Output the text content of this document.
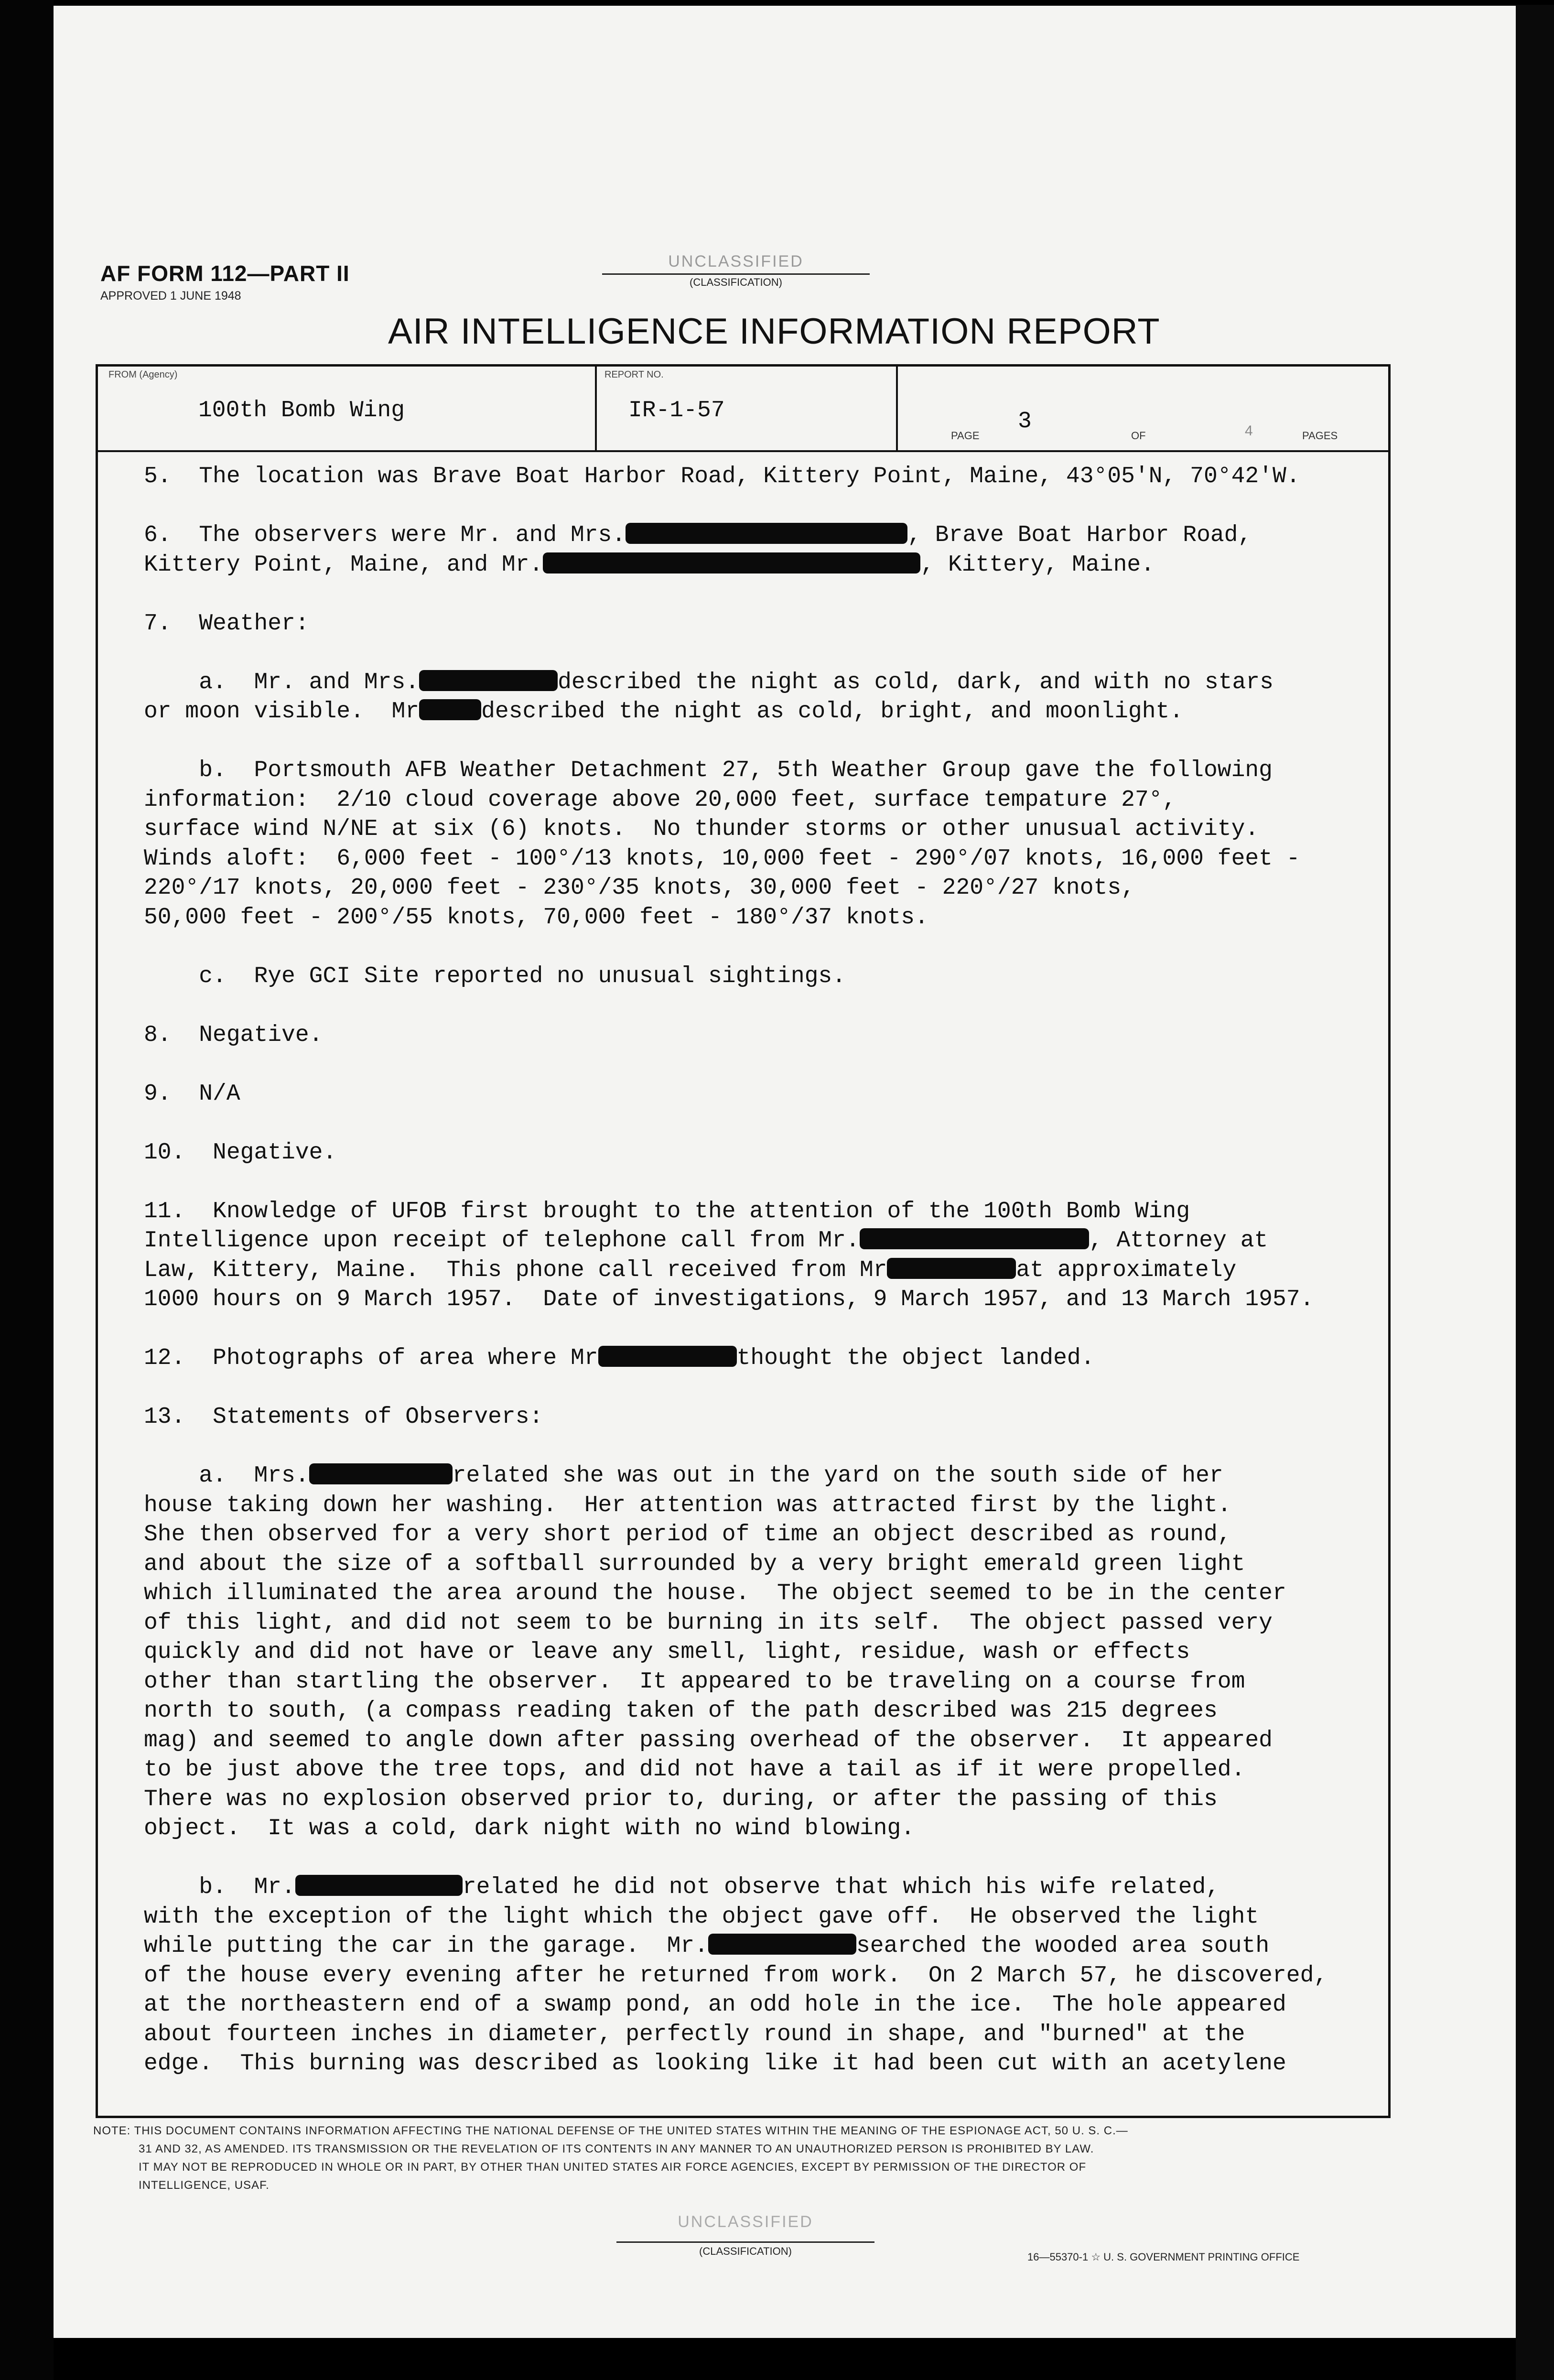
AF FORM 112—PART II
APPROVED 1 JUNE 1948
UNCLASSIFIED
(CLASSIFICATION)
AIR INTELLIGENCE INFORMATION REPORT
FROM (Agency)
100th Bomb Wing
REPORT NO.
IR-1-57
PAGE
3
OF	4	PAGES

5.  The location was Brave Boat Harbor Road, Kittery Point, Maine, 43°05'N, 70°42'W.

6.  The observers were Mr. and Mrs.	, Brave Boat Harbor Road,

Kittery Point, Maine, and Mr.	, Kittery, Maine.

7.  Weather:

a.  Mr. and Mrs.	described the night as cold, dark, and with no stars

or moon visible.  Mr	described the night as cold, bright, and moonlight.

b.  Portsmouth AFB Weather Detachment 27, 5th Weather Group gave the following

information:  2/10 cloud coverage above 20,000 feet, surface tempature 27°,

surface wind N/NE at six (6) knots.  No thunder storms or other unusual activity.

Winds aloft:  6,000 feet - 100°/13 knots, 10,000 feet - 290°/07 knots, 16,000 feet -

220°/17 knots, 20,000 feet - 230°/35 knots, 30,000 feet - 220°/27 knots,

50,000 feet - 200°/55 knots, 70,000 feet - 180°/37 knots.

c.  Rye GCI Site reported no unusual sightings.

8.  Negative.

9.  N/A

10.  Negative.

11.  Knowledge of UFOB first brought to the attention of the 100th Bomb Wing

Intelligence upon receipt of telephone call from Mr.	, Attorney at

Law, Kittery, Maine.  This phone call received from Mr	at approximately

1000 hours on 9 March 1957.  Date of investigations, 9 March 1957, and 13 March 1957.

12.  Photographs of area where Mr	thought the object landed.

13.  Statements of Observers:

a.  Mrs.	related she was out in the yard on the south side of her

house taking down her washing.  Her attention was attracted first by the light.

She then observed for a very short period of time an object described as round,

and about the size of a softball surrounded by a very bright emerald green light

which illuminated the area around the house.  The object seemed to be in the center

of this light, and did not seem to be burning in its self.  The object passed very

quickly and did not have or leave any smell, light, residue, wash or effects

other than startling the observer.  It appeared to be traveling on a course from

north to south, (a compass reading taken of the path described was 215 degrees

mag) and seemed to angle down after passing overhead of the observer.  It appeared

to be just above the tree tops, and did not have a tail as if it were propelled.

There was no explosion observed prior to, during, or after the passing of this

object.  It was a cold, dark night with no wind blowing.

b.  Mr.	related he did not observe that which his wife related,

with the exception of the light which the object gave off.  He observed the light

while putting the car in the garage.  Mr.	searched the wooded area south

of the house every evening after he returned from work.  On 2 March 57, he discovered,

at the northeastern end of a swamp pond, an odd hole in the ice.  The hole appeared

about fourteen inches in diameter, perfectly round in shape, and "burned" at the

edge.  This burning was described as looking like it had been cut with an acetylene

NOTE: THIS DOCUMENT CONTAINS INFORMATION AFFECTING THE NATIONAL DEFENSE OF THE UNITED STATES WITHIN THE MEANING OF THE ESPIONAGE ACT, 50 U. S. C.—
31 AND 32, AS AMENDED. ITS TRANSMISSION OR THE REVELATION OF ITS CONTENTS IN ANY MANNER TO AN UNAUTHORIZED PERSON IS PROHIBITED BY LAW.
IT MAY NOT BE REPRODUCED IN WHOLE OR IN PART, BY OTHER THAN UNITED STATES AIR FORCE AGENCIES, EXCEPT BY PERMISSION OF THE DIRECTOR OF
INTELLIGENCE, USAF.
UNCLASSIFIED
(CLASSIFICATION)	16—55370-1 ☆ U. S. GOVERNMENT PRINTING OFFICE
